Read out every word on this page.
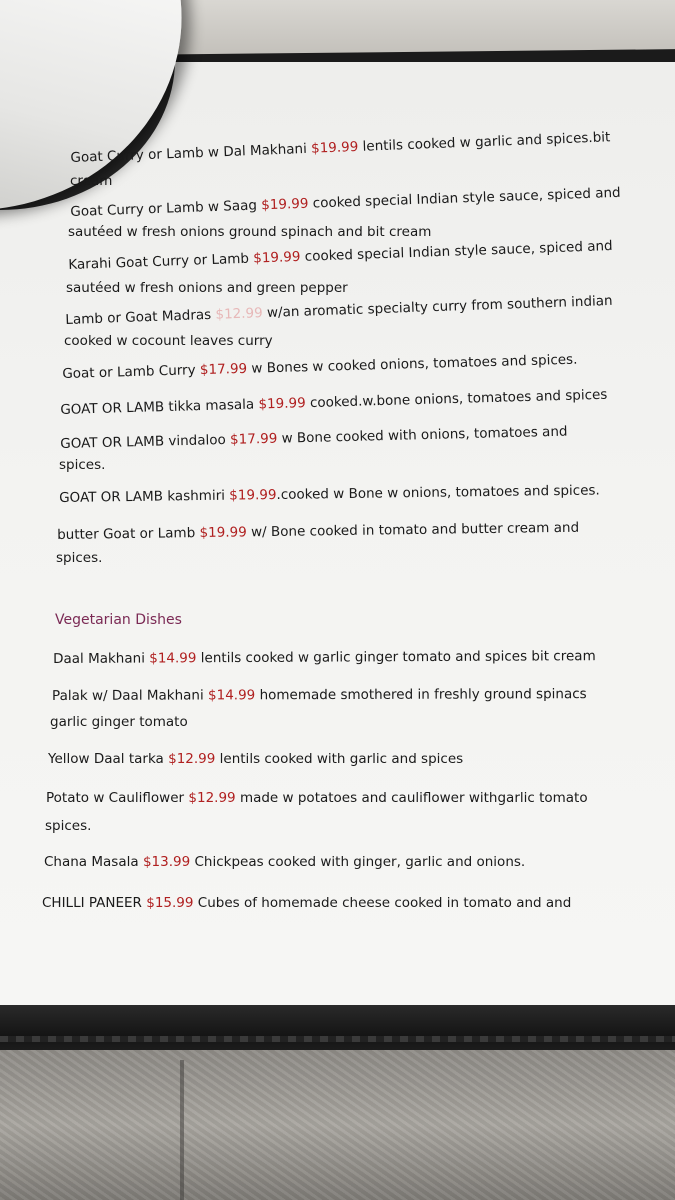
Goat Curry or Lamb w Dal Makhani $19.99 lentils cooked w garlic and spices.bit
cream
Goat Curry or Lamb w Saag $19.99 cooked special Indian style sauce, spiced and
sautéed w fresh onions ground spinach and bit cream
Karahi Goat Curry or Lamb $19.99 cooked special Indian style sauce, spiced and
sautéed w fresh onions and green pepper
Lamb or Goat Madras $12.99 w/an aromatic specialty curry from southern indian
cooked w cocount leaves curry
Goat or Lamb Curry $17.99 w Bones w cooked onions, tomatoes and spices.
GOAT OR LAMB tikka masala $19.99 cooked.w.bone onions, tomatoes and spices
GOAT OR LAMB vindaloo $17.99 w Bone cooked with onions, tomatoes and
spices.
GOAT OR LAMB kashmiri $19.99.cooked w Bone w onions, tomatoes and spices.
butter Goat or Lamb $19.99 w/ Bone cooked in tomato and butter cream and
spices.
Vegetarian Dishes
Daal Makhani $14.99 lentils cooked w garlic ginger tomato and spices bit cream
Palak w/ Daal Makhani $14.99 homemade smothered in freshly ground spinacs
garlic ginger tomato
Yellow Daal tarka $12.99 lentils cooked with garlic and spices
Potato w Cauliflower $12.99 made w potatoes and cauliflower withgarlic tomato
spices.
Chana Masala $13.99 Chickpeas cooked with ginger, garlic and onions.
CHILLI PANEER $15.99 Cubes of homemade cheese cooked in tomato and and
